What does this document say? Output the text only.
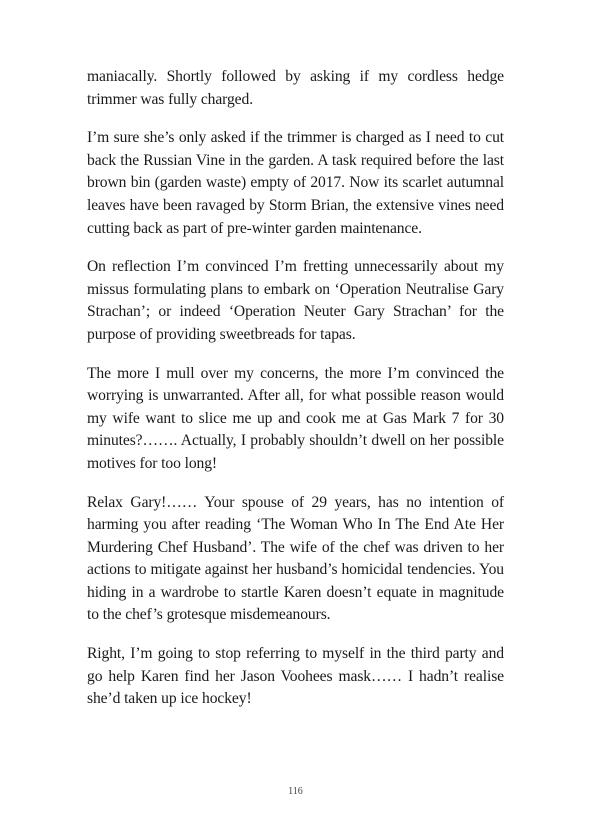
maniacally. Shortly followed by asking if my cordless hedge trimmer was fully charged.

I’m sure she’s only asked if the trimmer is charged as I need to cut back the Russian Vine in the garden. A task required before the last brown bin (garden waste) empty of 2017. Now its scarlet autumnal leaves have been ravaged by Storm Brian, the extensive vines need cutting back as part of pre-winter garden maintenance.

On reflection I’m convinced I’m fretting unnecessarily about my missus formulating plans to embark on ‘Operation Neutralise Gary Strachan’; or indeed ‘Operation Neuter Gary Strachan’ for the purpose of providing sweetbreads for tapas.

The more I mull over my concerns, the more I’m convinced the worrying is unwarranted. After all, for what possible reason would my wife want to slice me up and cook me at Gas Mark 7 for 30 minutes?……. Actually, I probably shouldn’t dwell on her possible motives for too long!

Relax Gary!…… Your spouse of 29 years, has no intention of harming you after reading ‘The Woman Who In The End Ate Her Murdering Chef Husband’. The wife of the chef was driven to her actions to mitigate against her husband’s homicidal tendencies. You hiding in a wardrobe to startle Karen doesn’t equate in magnitude to the chef’s grotesque misdemeanours.

Right, I’m going to stop referring to myself in the third party and go help Karen find her Jason Voohees mask…… I hadn’t realise she’d taken up ice hockey!

116
